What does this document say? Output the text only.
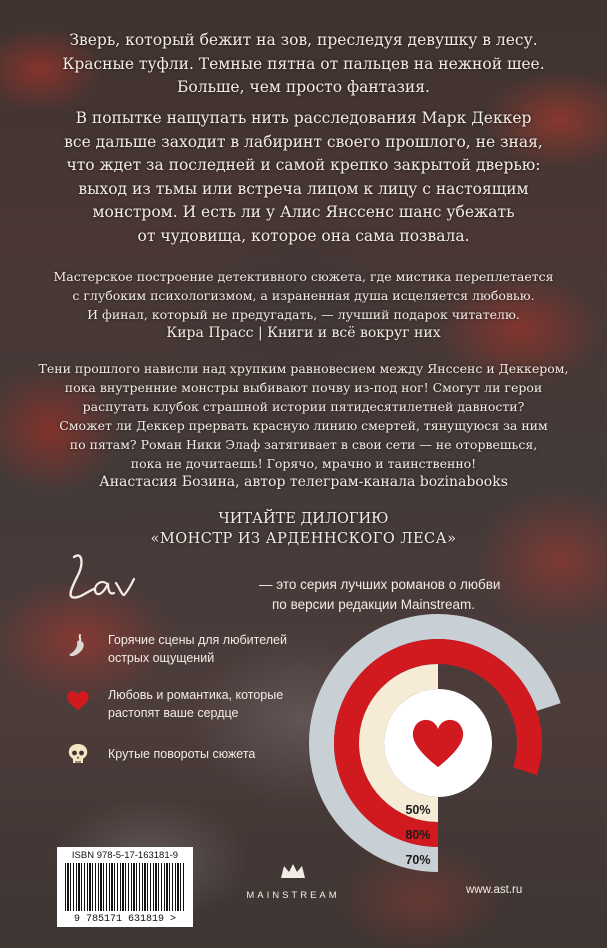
Зверь, который бежит на зов, преследуя девушку в лесу.
Красные туфли. Темные пятна от пальцев на нежной шее.
Больше, чем просто фантазия.
В попытке нащупать нить расследования Марк Деккер
все дальше заходит в лабиринт своего прошлого, не зная,
что ждет за последней и самой крепко закрытой дверью:
выход из тьмы или встреча лицом к лицу с настоящим
монстром. И есть ли у Алис Янссенс шанс убежать
от чудовища, которое она сама позвала.
Мастерское построение детективного сюжета, где мистика переплетается
с глубоким психологизмом, а израненная душа исцеляется любовью.
И финал, который не предугадать, — лучший подарок читателю.
Кира Прасс | Книги и всё вокруг них
Тени прошлого нависли над хрупким равновесием между Янссенс и Деккером,
пока внутренние монстры выбивают почву из-под ног! Смогут ли герои
распутать клубок страшной истории пятидесятилетней давности?
Сможет ли Деккер прервать красную линию смертей, тянущуюся за ним
по пятам? Роман Ники Элаф затягивает в свои сети — не оторвешься,
пока не дочитаешь! Горячо, мрачно и таинственно!
Анастасия Бозина, автор телеграм-канала bozinabooks
ЧИТАЙТЕ ДИЛОГИЮ
«МОНСТР ИЗ АРДЕННСКОГО ЛЕСА»
— это серия лучших романов о любви
по версии редакции Mainstream.
Горячие сцены для любителей
острых ощущений
Любовь и романтика, которые
растопят ваше сердце
Крутые повороты сюжета
50%
80%
70%
ISBN 978-5-17-163181-9
9 785171 631819 >
MAINSTREAM	www.ast.ru
